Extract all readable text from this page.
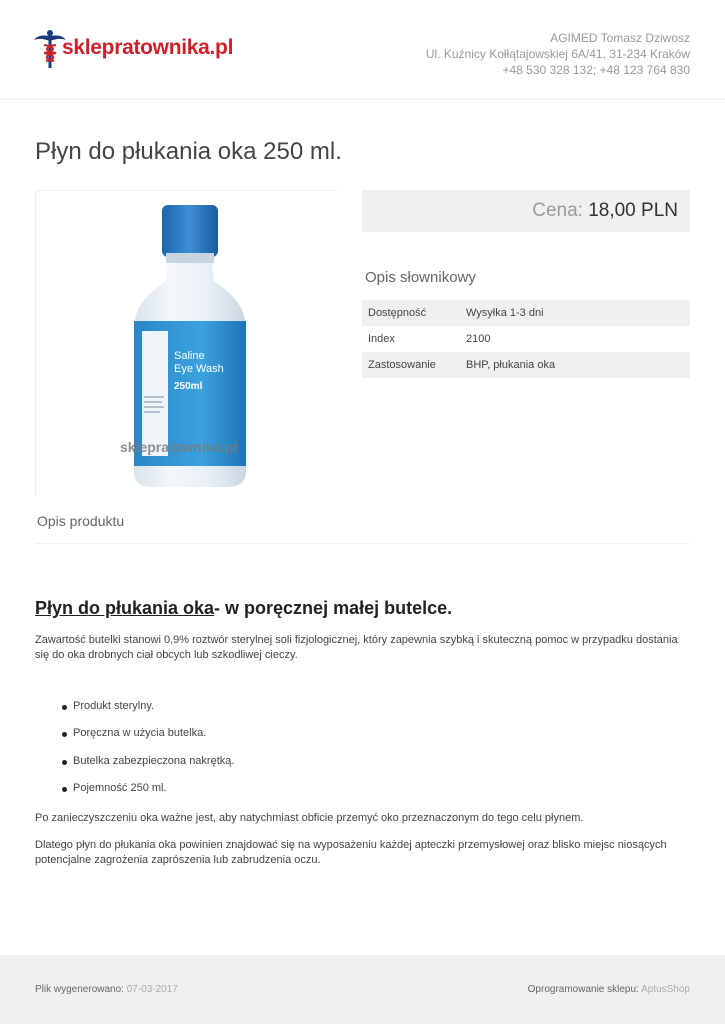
sklepratownika.pl	AGIMED Tomasz Dziwosz
Ul. Kuźnicy Kołłątajowskiej 6A/41, 31-234 Kraków
+48 530 328 132; +48 123 764 830
Płyn do płukania oka 250 ml.
Saline
Eye Wash
250ml
sklepratownika.pl
Cena: 18,00 PLN
Opis słownikowy
Dostępność	Wysyłka 1-3 dni
Index	2100
Zastosowanie	BHP, płukania oka
Opis produktu
Płyn do płukania oka- w poręcznej małej butelce.

Zawartość butelki stanowi 0,9% roztwór sterylnej soli fizjologicznej, który zapewnia szybką i skuteczną pomoc w przypadku dostania się do oka drobnych ciał obcych lub szkodliwej cieczy.

Produkt sterylny.
Poręczna w użycia butelka.
Butelka zabezpieczona nakrętką.
Pojemność 250 ml.

Po zanieczyszczeniu oka ważne jest, aby natychmiast obficie przemyć oko przeznaczonym do tego celu płynem.

Dlatego płyn do płukania oka powinien znajdować się na wyposażeniu każdej apteczki przemysłowej oraz blisko miejsc niosących potencjalne zagrożenia zaprószenia lub zabrudzenia oczu.

Plik wygenerowano: 07-03-2017	Oprogramowanie sklepu: AptusShop
